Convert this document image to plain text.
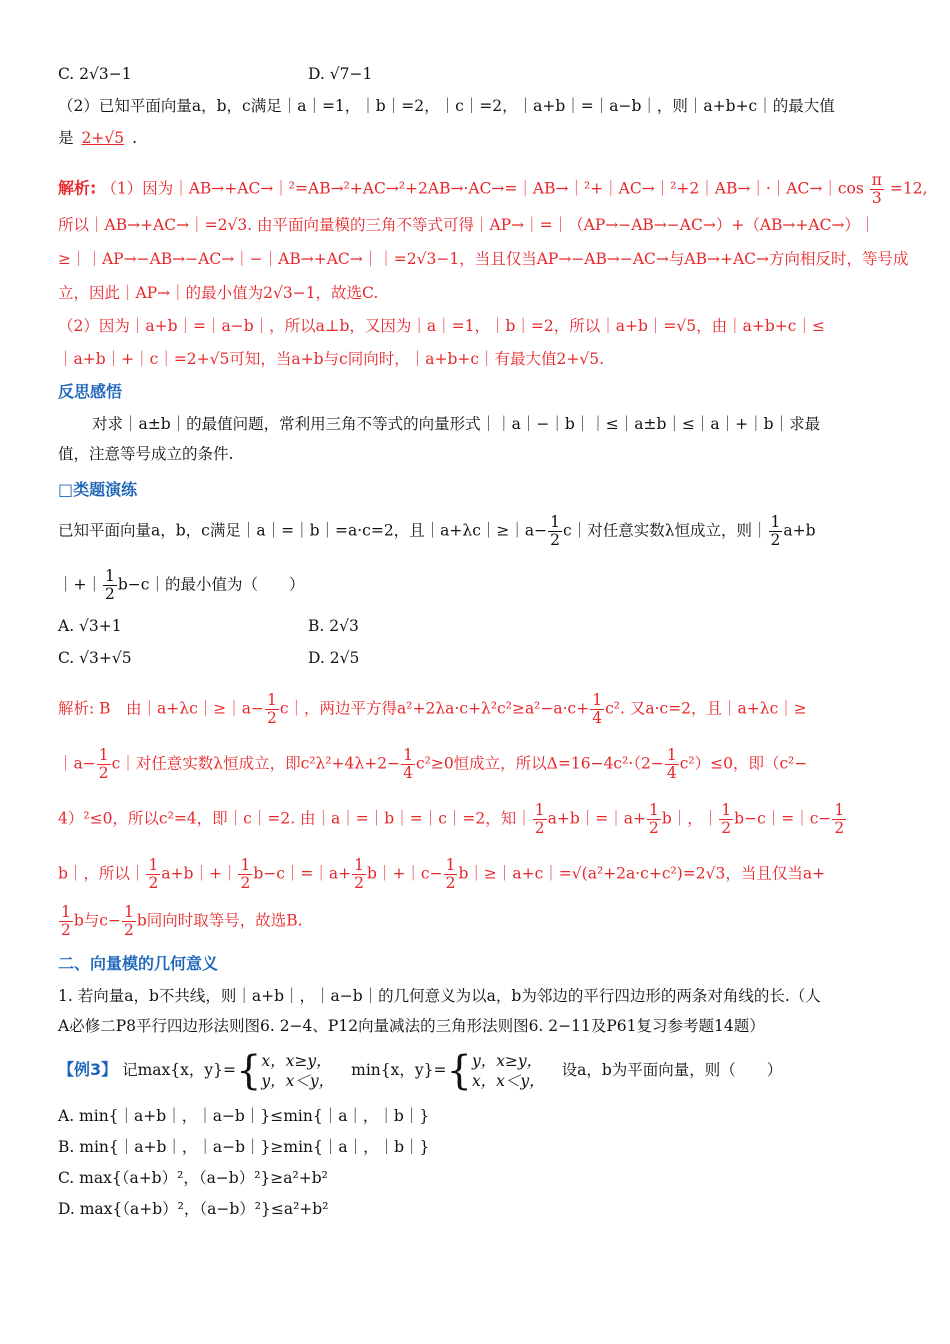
C. 2√3−1	D. √7−1
（2）已知平面向量a，b，c满足｜a｜=1，｜b｜=2，｜c｜=2，｜a+b｜=｜a−b｜，则｜a+b+c｜的最大值
是 2+√5 .
解析: （1）因为｜AB→+AC→｜²=AB→²+AC→²+2AB→·AC→=｜AB→｜²+｜AC→｜²+2｜AB→｜·｜AC→｜cos $\frac{\pi}{3} =12$,
所以｜AB→+AC→｜=2√3. 由平面向量模的三角不等式可得｜AP→｜=｜（AP→−AB→−AC→）+（AB→+AC→）｜
≥｜｜AP→−AB→−AC→｜−｜AB→+AC→｜｜=2√3−1，当且仅当AP→−AB→−AC→与AB→+AC→方向相反时，等号成
立，因此｜AP→｜的最小值为2√3−1，故选C.
（2）因为｜a+b｜=｜a−b｜，所以a⊥b，又因为｜a｜=1，｜b｜=2，所以｜a+b｜=√5，由｜a+b+c｜≤
｜a+b｜+｜c｜=2+√5可知，当a+b与c同向时，｜a+b+c｜有最大值2+√5.
反思感悟
对求｜a±b｜的最值问题，常利用三角不等式的向量形式｜｜a｜−｜b｜｜≤｜a±b｜≤｜a｜+｜b｜求最
值，注意等号成立的条件.
□类题演练
已知平面向量a，b，c满足｜a｜=｜b｜=a·c=2，且｜a+λc｜≥｜a− $\frac{1}{2}$ c｜对任意实数λ恒成立，则｜ $\frac{1}{2} a+b$
｜+｜ $\frac{1}{2}$ b−c｜的最小值为（　　）
A. √3+1	B. 2√3
C. √3+√5	D. 2√5
解析: B　由｜a+λc｜≥｜a− $\frac{1}{2}$ c｜，两边平方得$a^2+2\lambda a\cdot c+\lambda^2c^2\ge a^2-a\cdot c+ \frac{1}{4} c^2$. 又a·c=2，且｜a+λc｜≥
｜a− $\frac{1}{2}$ c｜对任意实数λ恒成立，即$c^2\lambda^2+4\lambda+2- \frac{1}{4} c^2\ge 0$恒成立，所以$\Delta=16-4c^2\cdot(2- \frac{1}{4} c^2)\le 0$，即（c²−
4）²≤0，所以c²=4，即｜c｜=2. 由｜a｜=｜b｜=｜c｜=2，知｜ $\frac{1}{2}$ a+b｜=｜a+ $\frac{1}{2}$ b｜，｜ $\frac{1}{2}$ b−c｜=｜c− $\frac{1}{2}$
b｜，所以｜ $\frac{1}{2}$ a+b｜+｜ $\frac{1}{2}$ b−c｜=｜a+ $\frac{1}{2}$ b｜+｜c− $\frac{1}{2}$ b｜≥｜a+c｜=√(a²+2a·c+c²)=2√3，当且仅当a+
$\frac{1}{2}$ b与$c- \frac{1}{2}$ b同向时取等号，故选B.
二、向量模的几何意义
1. 若向量a，b不共线，则｜a+b｜，｜a−b｜的几何意义为以a，b为邻边的平行四边形的两条对角线的长.（人
A必修二P8平行四边形法则图6. 2−4、P12向量减法的三角形法则图6. 2−11及P61复习参考题14题）
【例3】 记max{x，y}={ x，x≥y，
y，x＜y，
min{x，y}={ y，x≥y，
x，x＜y，
设a，b为平面向量，则（　　）
A. min{｜a+b｜，｜a−b｜}≤min{｜a｜，｜b｜}
B. min{｜a+b｜，｜a−b｜}≥min{｜a｜，｜b｜}
C. max{（a+b）²，（a−b）²}≥a²+b²
D. max{（a+b）²，（a−b）²}≤a²+b²
